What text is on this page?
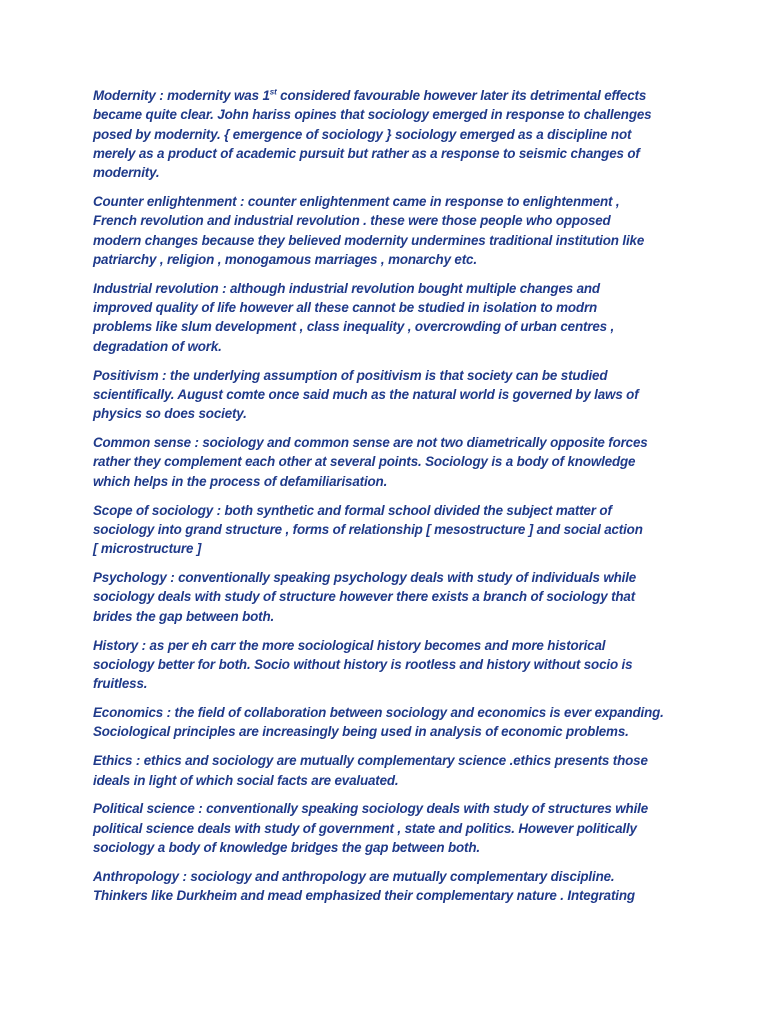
Modernity : modernity was 1st considered favourable however later its detrimental effects
became quite clear. John hariss opines that sociology emerged in response to challenges
posed by modernity. { emergence of sociology } sociology emerged as a discipline not
merely as a product of academic pursuit but rather as a response to seismic changes of
modernity.

Counter enlightenment : counter enlightenment came in response to enlightenment ,
French revolution and industrial revolution . these were those people who opposed
modern changes because they believed modernity undermines traditional institution like
patriarchy , religion , monogamous marriages , monarchy etc.

Industrial revolution : although industrial revolution bought multiple changes and
improved quality of life however all these cannot be studied in isolation to modrn
problems like slum development , class inequality , overcrowding of urban centres ,
degradation of work.

Positivism : the underlying assumption of positivism is that society can be studied
scientifically. August comte once said much as the natural world is governed by laws of
physics so does society.

Common sense : sociology and common sense are not two diametrically opposite forces
rather they complement each other at several points. Sociology is a body of knowledge
which helps in the process of defamiliarisation.

Scope of sociology : both synthetic and formal school divided the subject matter of
sociology into grand structure , forms of relationship [ mesostructure ] and social action
[ microstructure ]

Psychology : conventionally speaking psychology deals with study of individuals while
sociology deals with study of structure however there exists a branch of sociology that
brides the gap between both.

History : as per eh carr the more sociological history becomes and more historical
sociology better for both. Socio without history is rootless and history without socio is
fruitless.

Economics : the field of collaboration between sociology and economics is ever expanding.
Sociological principles are increasingly being used in analysis of economic problems.

Ethics : ethics and sociology are mutually complementary science .ethics presents those
ideals in light of which social facts are evaluated.

Political science : conventionally speaking sociology deals with study of structures while
political science deals with study of government , state and politics. However politically
sociology a body of knowledge bridges the gap between both.

Anthropology : sociology and anthropology are mutually complementary discipline.
Thinkers like Durkheim and mead emphasized their complementary nature . Integrating
